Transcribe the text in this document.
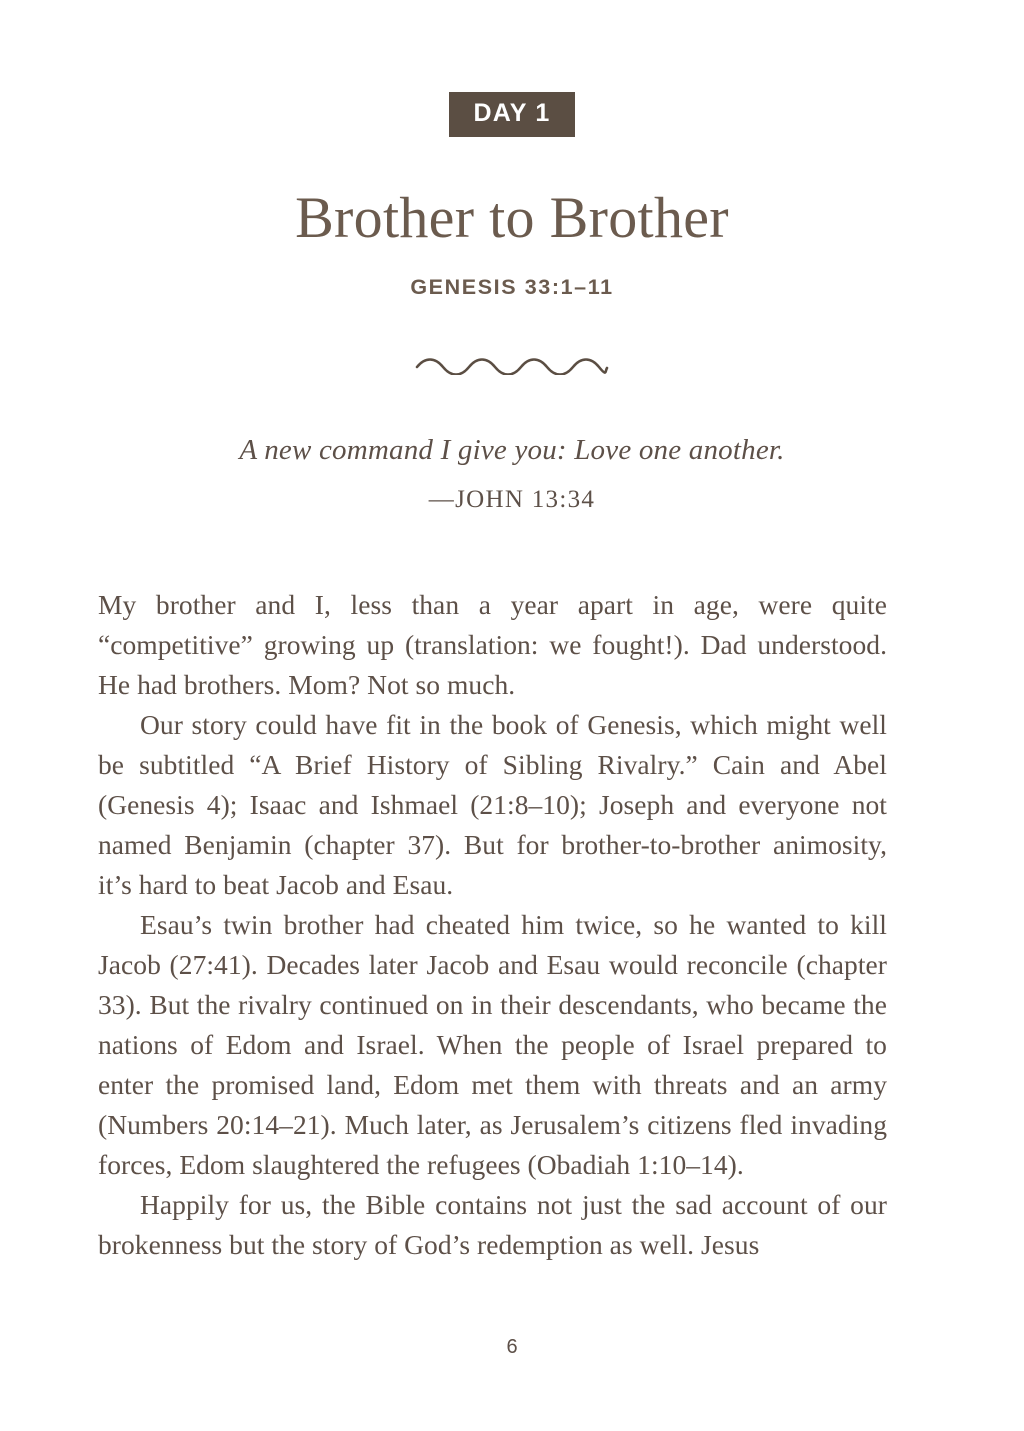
DAY 1
Brother to Brother
GENESIS 33:1–11
A new command I give you: Love one another.
—JOHN 13:34

My brother and I, less than a year apart in age, were quite “competitive” growing up (translation: we fought!). Dad understood. He had brothers. Mom? Not so much.

Our story could have fit in the book of Genesis, which might well be subtitled “A Brief History of Sibling Rivalry.” Cain and Abel (Genesis 4); Isaac and Ishmael (21:8–10); Joseph and everyone not named Benjamin (chapter 37). But for brother-to-brother animosity, it’s hard to beat Jacob and Esau.

Esau’s twin brother had cheated him twice, so he wanted to kill Jacob (27:41). Decades later Jacob and Esau would reconcile (chapter 33). But the rivalry continued on in their descendants, who became the nations of Edom and Israel. When the people of Israel prepared to enter the promised land, Edom met them with threats and an army (Numbers 20:14–21). Much later, as Jerusalem’s citizens fled invading forces, Edom slaughtered the refugees (Obadiah 1:10–14).

Happily for us, the Bible contains not just the sad account of our brokenness but the story of God’s redemption as well. Jesus

6
